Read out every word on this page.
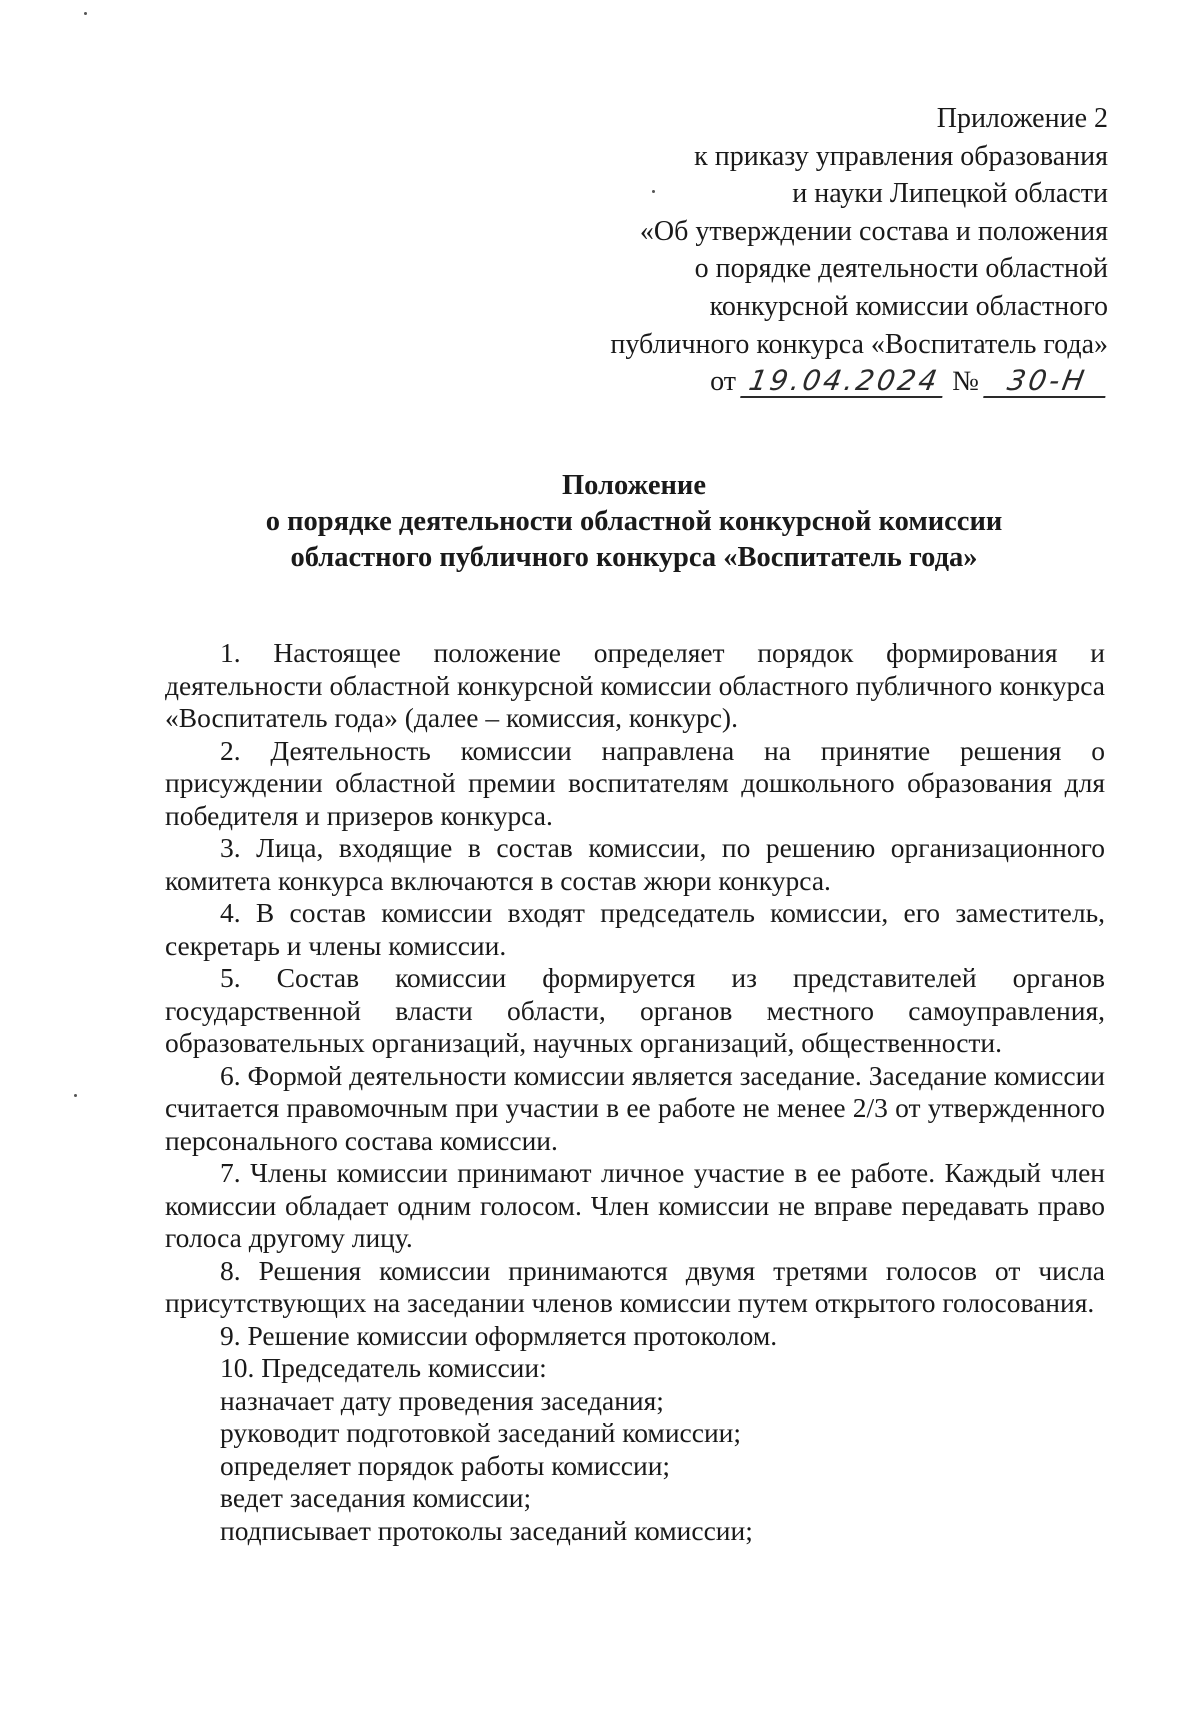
Приложение 2
к приказу управления образования
и науки Липецкой области
«Об утверждении состава и положения
о порядке деятельности областной
конкурсной комиссии областного
публичного конкурса «Воспитатель года»
от 19.04.2024 № 30-Н
Положение
о порядке деятельности областной конкурсной комиссии
областного публичного конкурса «Воспитатель года»

1. Настоящее положение определяет порядок формирования и деятельности областной конкурсной комиссии областного публичного конкурса «Воспитатель года» (далее – комиссия, конкурс).

2. Деятельность комиссии направлена на принятие решения о присуждении областной премии воспитателям дошкольного образования для победителя и призеров конкурса.

3. Лица, входящие в состав комиссии, по решению организационного комитета конкурса включаются в состав жюри конкурса.

4. В состав комиссии входят председатель комиссии, его заместитель, секретарь и члены комиссии.

5. Состав комиссии формируется из представителей органов государственной власти области, органов местного самоуправления, образовательных организаций, научных организаций, общественности.

6. Формой деятельности комиссии является заседание. Заседание комиссии считается правомочным при участии в ее работе не менее 2/3 от утвержденного персонального состава комиссии.

7. Члены комиссии принимают личное участие в ее работе. Каждый член комиссии обладает одним голосом. Член комиссии не вправе передавать право голоса другому лицу.

8. Решения комиссии принимаются двумя третями голосов от числа присутствующих на заседании членов комиссии путем открытого голосования.

9. Решение комиссии оформляется протоколом.

10. Председатель комиссии:

назначает дату проведения заседания;

руководит подготовкой заседаний комиссии;

определяет порядок работы комиссии;

ведет заседания комиссии;

подписывает протоколы заседаний комиссии;
